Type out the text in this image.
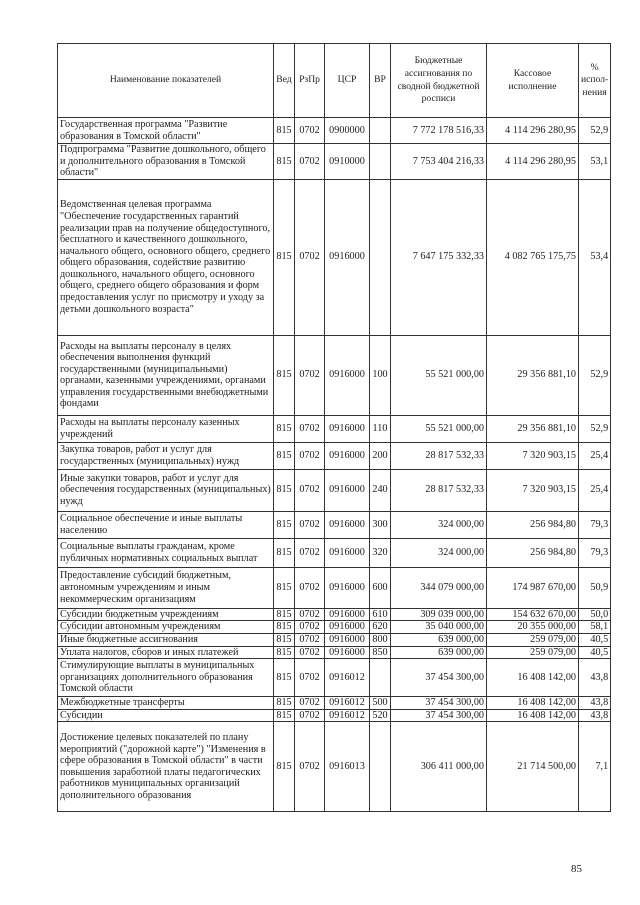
Наименование показателей	Вед	РзПр	ЦСР	ВР	Бюджетные ассигнования по сводной бюджетной росписи	Кассовое исполнение	% испол-нения
Государственная программа "Развитие образования в Томской области"	815	0702	0900000		7 772 178 516,33	4 114 296 280,95	52,9
Подпрограмма "Развитие дошкольного, общего и дополнительного образования в Томской области"	815	0702	0910000		7 753 404 216,33	4 114 296 280,95	53,1
Ведомственная целевая программа "Обеспечение государственных гарантий реализации прав на получение общедоступного, бесплатного и качественного дошкольного, начального общего, основного общего, среднего общего образования, содействие развитию дошкольного, начального общего, основного общего, среднего общего образования и форм предоставления услуг по присмотру и уходу за детьми дошкольного возраста"	815	0702	0916000		7 647 175 332,33	4 082 765 175,75	53,4
Расходы на выплаты персоналу в целях обеспечения выполнения функций государственными (муниципальными) органами, казенными учреждениями, органами управления государственными внебюджетными фондами	815	0702	0916000	100	55 521 000,00	29 356 881,10	52,9
Расходы на выплаты персоналу казенных учреждений	815	0702	0916000	110	55 521 000,00	29 356 881,10	52,9
Закупка товаров, работ и услуг для государственных (муниципальных) нужд	815	0702	0916000	200	28 817 532,33	7 320 903,15	25,4
Иные закупки товаров, работ и услуг для обеспечения государственных (муниципальных) нужд	815	0702	0916000	240	28 817 532,33	7 320 903,15	25,4
Социальное обеспечение и иные выплаты населению	815	0702	0916000	300	324 000,00	256 984,80	79,3
Социальные выплаты гражданам, кроме публичных нормативных социальных выплат	815	0702	0916000	320	324 000,00	256 984,80	79,3
Предоставление субсидий бюджетным, автономным учреждениям и иным некоммерческим организациям	815	0702	0916000	600	344 079 000,00	174 987 670,00	50,9
Субсидии бюджетным учреждениям	815	0702	0916000	610	309 039 000,00	154 632 670,00	50,0
Субсидии автономным учреждениям	815	0702	0916000	620	35 040 000,00	20 355 000,00	58,1
Иные бюджетные ассигнования	815	0702	0916000	800	639 000,00	259 079,00	40,5
Уплата налогов, сборов и иных платежей	815	0702	0916000	850	639 000,00	259 079,00	40,5
Стимулирующие выплаты в муниципальных организациях дополнительного образования Томской области	815	0702	0916012		37 454 300,00	16 408 142,00	43,8
Межбюджетные трансферты	815	0702	0916012	500	37 454 300,00	16 408 142,00	43,8
Субсидии	815	0702	0916012	520	37 454 300,00	16 408 142,00	43,8
Достижение целевых показателей по плану мероприятий ("дорожной карте") "Изменения в сфере образования в Томской области" в части повышения заработной платы педагогических работников муниципальных организаций дополнительного образования	815	0702	0916013		306 411 000,00	21 714 500,00	7,1
85
